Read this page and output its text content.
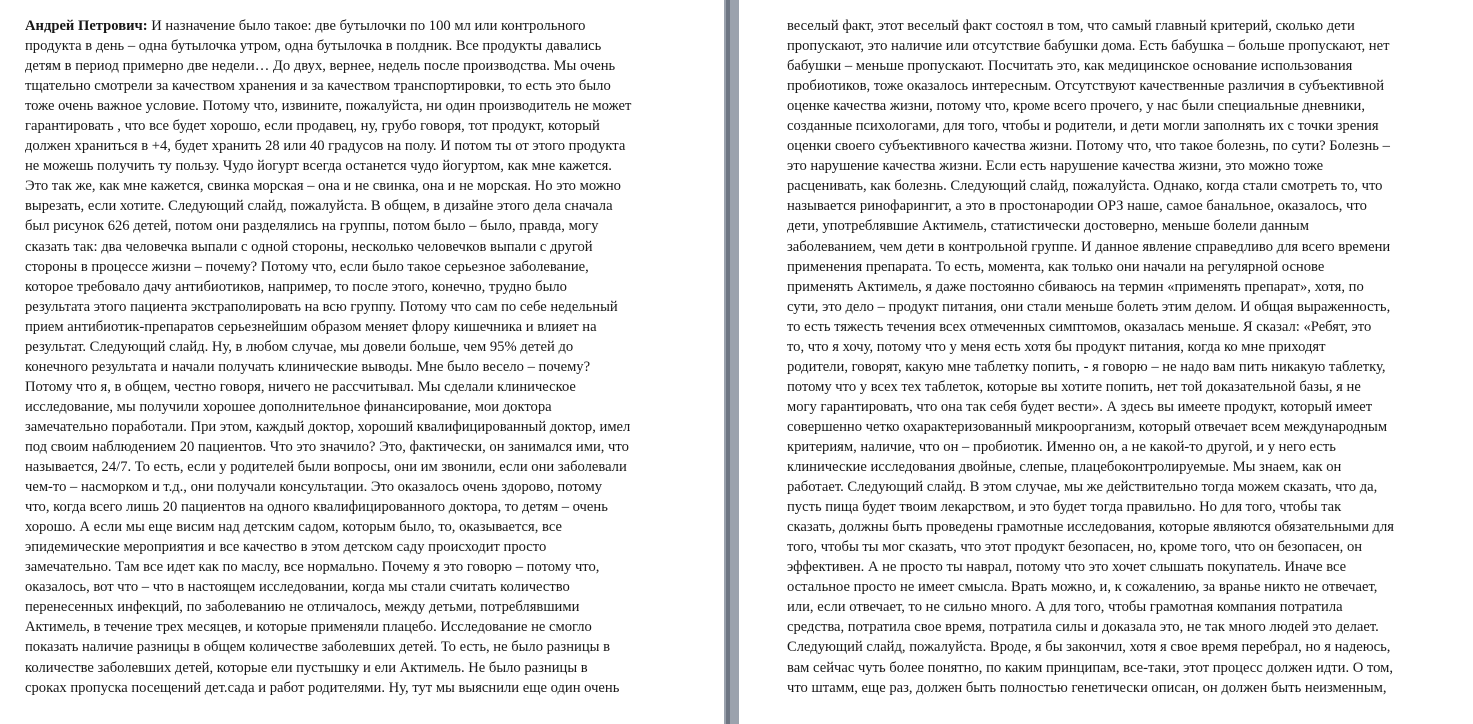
Андрей Петрович: И назначение было такое: две бутылочки по 100 мл или контрольного
продукта в день – одна бутылочка утром, одна бутылочка в полдник. Все продукты давались
детям в период примерно две недели… До двух, вернее, недель после производства. Мы очень
тщательно смотрели за качеством хранения и за качеством транспортировки, то есть это было
тоже очень важное условие. Потому что, извините, пожалуйста, ни один производитель не может
гарантировать , что все будет хорошо, если продавец, ну, грубо говоря, тот продукт, который
должен храниться в +4, будет хранить 28 или 40 градусов на полу. И потом ты от этого продукта
не можешь получить ту пользу. Чудо йогурт всегда останется чудо йогуртом, как мне кажется.
Это так же, как мне кажется, свинка морская – она и не свинка, она и не морская. Но это можно
вырезать, если хотите. Следующий слайд, пожалуйста. В общем, в дизайне этого дела сначала
был рисунок 626 детей, потом они разделялись на группы, потом было – было, правда, могу
сказать так: два человечка выпали с одной стороны, несколько человечков выпали с другой
стороны в процессе жизни – почему? Потому что, если было такое серьезное заболевание,
которое требовало дачу антибиотиков, например, то после этого, конечно, трудно было
результата этого пациента экстраполировать на всю группу. Потому что сам по себе недельный
прием антибиотик-препаратов серьезнейшим образом меняет флору кишечника и влияет на
результат. Следующий слайд. Ну, в любом случае, мы довели больше, чем 95% детей до
конечного результата и начали получать клинические выводы. Мне было весело – почему?
Потому что я, в общем, честно говоря, ничего не рассчитывал. Мы сделали клиническое
исследование, мы получили хорошее дополнительное финансирование, мои доктора
замечательно поработали. При этом, каждый доктор, хороший квалифицированный доктор, имел
под своим наблюдением 20 пациентов. Что это значило? Это, фактически, он занимался ими, что
называется, 24/7. То есть, если у родителей были вопросы, они им звонили, если они заболевали
чем-то – насморком и т.д., они получали консультации. Это оказалось очень здорово, потому
что, когда всего лишь 20 пациентов на одного квалифицированного доктора, то детям – очень
хорошо. А если мы еще висим над детским садом, которым было, то, оказывается, все
эпидемические мероприятия и все качество в этом детском саду происходит просто
замечательно. Там все идет как по маслу, все нормально. Почему я это говорю – потому что,
оказалось, вот что – что в настоящем исследовании, когда мы стали считать количество
перенесенных инфекций, по заболеванию не отличалось, между детьми, потреблявшими
Актимель, в течение трех месяцев, и которые применяли плацебо. Исследование не смогло
показать наличие разницы в общем количестве заболевших детей. То есть, не было разницы в
количестве заболевших детей, которые ели пустышку и ели Актимель. Не было разницы в
сроках пропуска посещений дет.сада и работ родителями. Ну, тут мы выяснили еще один очень
веселый факт, этот веселый факт состоял в том, что самый главный критерий, сколько дети
пропускают, это наличие или отсутствие бабушки дома. Есть бабушка – больше пропускают, нет
бабушки – меньше пропускают. Посчитать это, как медицинское основание использования
пробиотиков, тоже оказалось интересным. Отсутствуют качественные различия в субъективной
оценке качества жизни, потому что, кроме всего прочего, у нас были специальные дневники,
созданные психологами, для того, чтобы и родители, и дети могли заполнять их с точки зрения
оценки своего субъективного качества жизни. Потому что, что такое болезнь, по сути? Болезнь –
это нарушение качества жизни. Если есть нарушение качества жизни, это можно тоже
расценивать, как болезнь. Следующий слайд, пожалуйста. Однако, когда стали смотреть то, что
называется ринофарингит, а это в простонародии ОРЗ наше, самое банальное, оказалось, что
дети, употреблявшие Актимель, статистически достоверно, меньше болели данным
заболеванием, чем дети в контрольной группе. И данное явление справедливо для всего времени
применения препарата. То есть, момента, как только они начали на регулярной основе
применять Актимель, я даже постоянно сбиваюсь на термин «применять препарат», хотя, по
сути, это дело – продукт питания, они стали меньше болеть этим делом. И общая выраженность,
то есть тяжесть течения всех отмеченных симптомов, оказалась меньше. Я сказал: «Ребят, это
то, что я хочу, потому что у меня есть хотя бы продукт питания, когда ко мне приходят
родители, говорят, какую мне таблетку попить, - я говорю – не надо вам пить никакую таблетку,
потому что у всех тех таблеток, которые вы хотите попить, нет той доказательной базы, я не
могу гарантировать, что она так себя будет вести». А здесь вы имеете продукт, который имеет
совершенно четко охарактеризованный микроорганизм, который отвечает всем международным
критериям, наличие, что он – пробиотик. Именно он, а не какой-то другой, и у него есть
клинические исследования двойные, слепые, плацебоконтролируемые. Мы знаем, как он
работает. Следующий слайд. В этом случае, мы же действительно тогда можем сказать, что да,
пусть пища будет твоим лекарством, и это будет тогда правильно. Но для того, чтобы так
сказать, должны быть проведены грамотные исследования, которые являются обязательными для
того, чтобы ты мог сказать, что этот продукт безопасен, но, кроме того, что он безопасен, он
эффективен. А не просто ты наврал, потому что это хочет слышать покупатель. Иначе все
остальное просто не имеет смысла. Врать можно, и, к сожалению, за вранье никто не отвечает,
или, если отвечает, то не сильно много. А для того, чтобы грамотная компания потратила
средства, потратила свое время, потратила силы и доказала это, не так много людей это делает.
Следующий слайд, пожалуйста. Вроде, я бы закончил, хотя я свое время перебрал, но я надеюсь,
вам сейчас чуть более понятно, по каким принципам, все-таки, этот процесс должен идти. О том,
что штамм, еще раз, должен быть полностью генетически описан, он должен быть неизменным,
